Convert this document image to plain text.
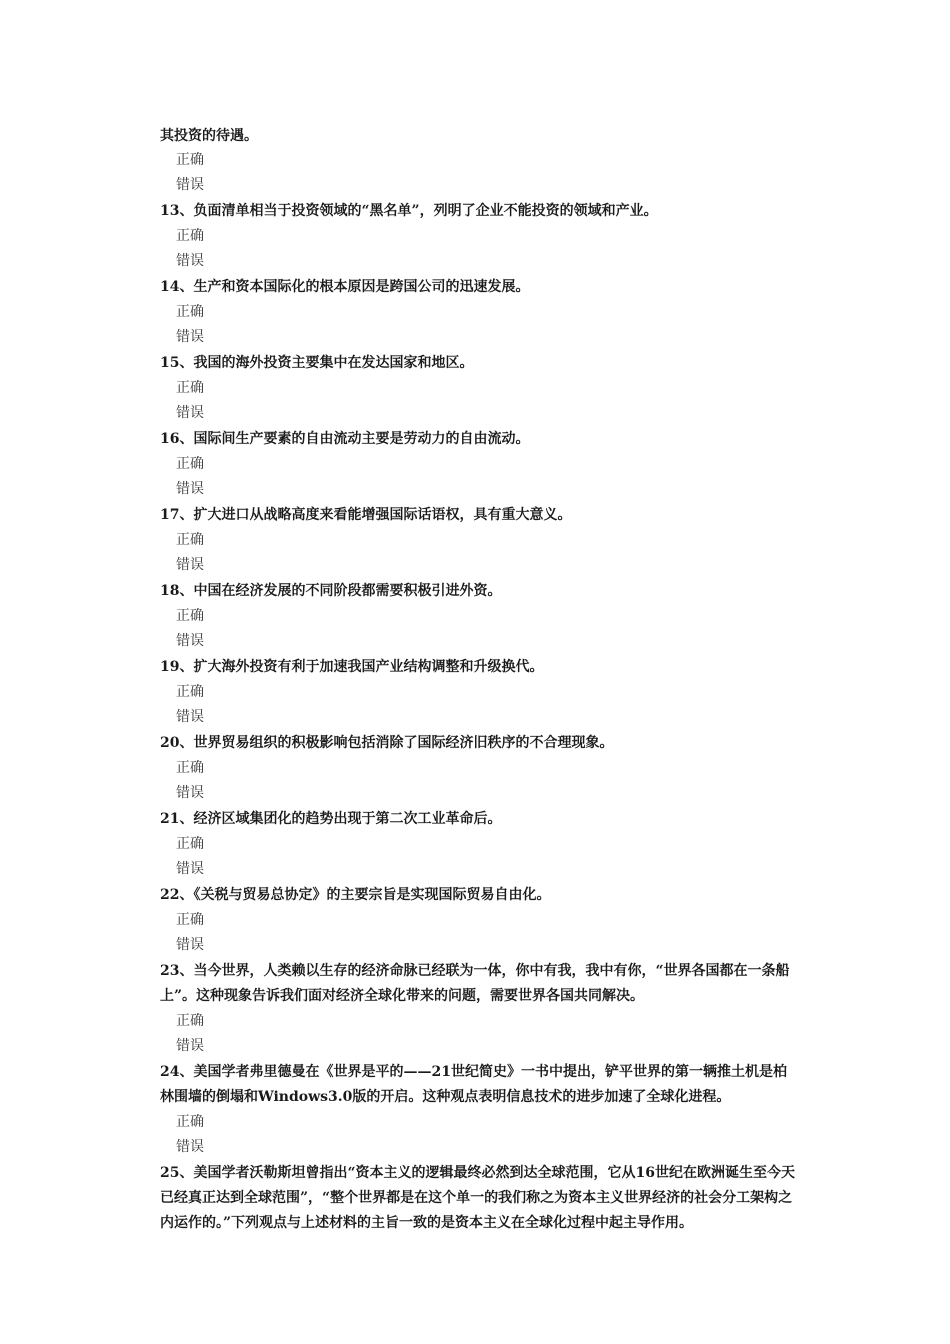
其投资的待遇。
正确
错误

13、负面清单相当于投资领域的“黑名单”，列明了企业不能投资的领域和产业。

正确
错误

14、生产和资本国际化的根本原因是跨国公司的迅速发展。

正确
错误

15、我国的海外投资主要集中在发达国家和地区。

正确
错误

16、国际间生产要素的自由流动主要是劳动力的自由流动。

正确
错误

17、扩大进口从战略高度来看能增强国际话语权，具有重大意义。

正确
错误

18、中国在经济发展的不同阶段都需要积极引进外资。

正确
错误

19、扩大海外投资有利于加速我国产业结构调整和升级换代。

正确
错误

20、世界贸易组织的积极影响包括消除了国际经济旧秩序的不合理现象。

正确
错误

21、经济区域集团化的趋势出现于第二次工业革命后。

正确
错误

22、《关税与贸易总协定》的主要宗旨是实现国际贸易自由化。

正确
错误

23、当今世界，人类赖以生存的经济命脉已经联为一体，你中有我，我中有你，“世界各国都在一条船上”。这种现象告诉我们面对经济全球化带来的问题，需要世界各国共同解决。

正确
错误

24、美国学者弗里德曼在《世界是平的——21世纪简史》一书中提出，铲平世界的第一辆推土机是柏林围墙的倒塌和Windows3.0版的开启。这种观点表明信息技术的进步加速了全球化进程。

正确
错误

25、美国学者沃勒斯坦曾指出“资本主义的逻辑最终必然到达全球范围，它从16世纪在欧洲诞生至今天已经真正达到全球范围”，“整个世界都是在这个单一的我们称之为资本主义世界经济的社会分工架构之内运作的。”下列观点与上述材料的主旨一致的是资本主义在全球化过程中起主导作用。
